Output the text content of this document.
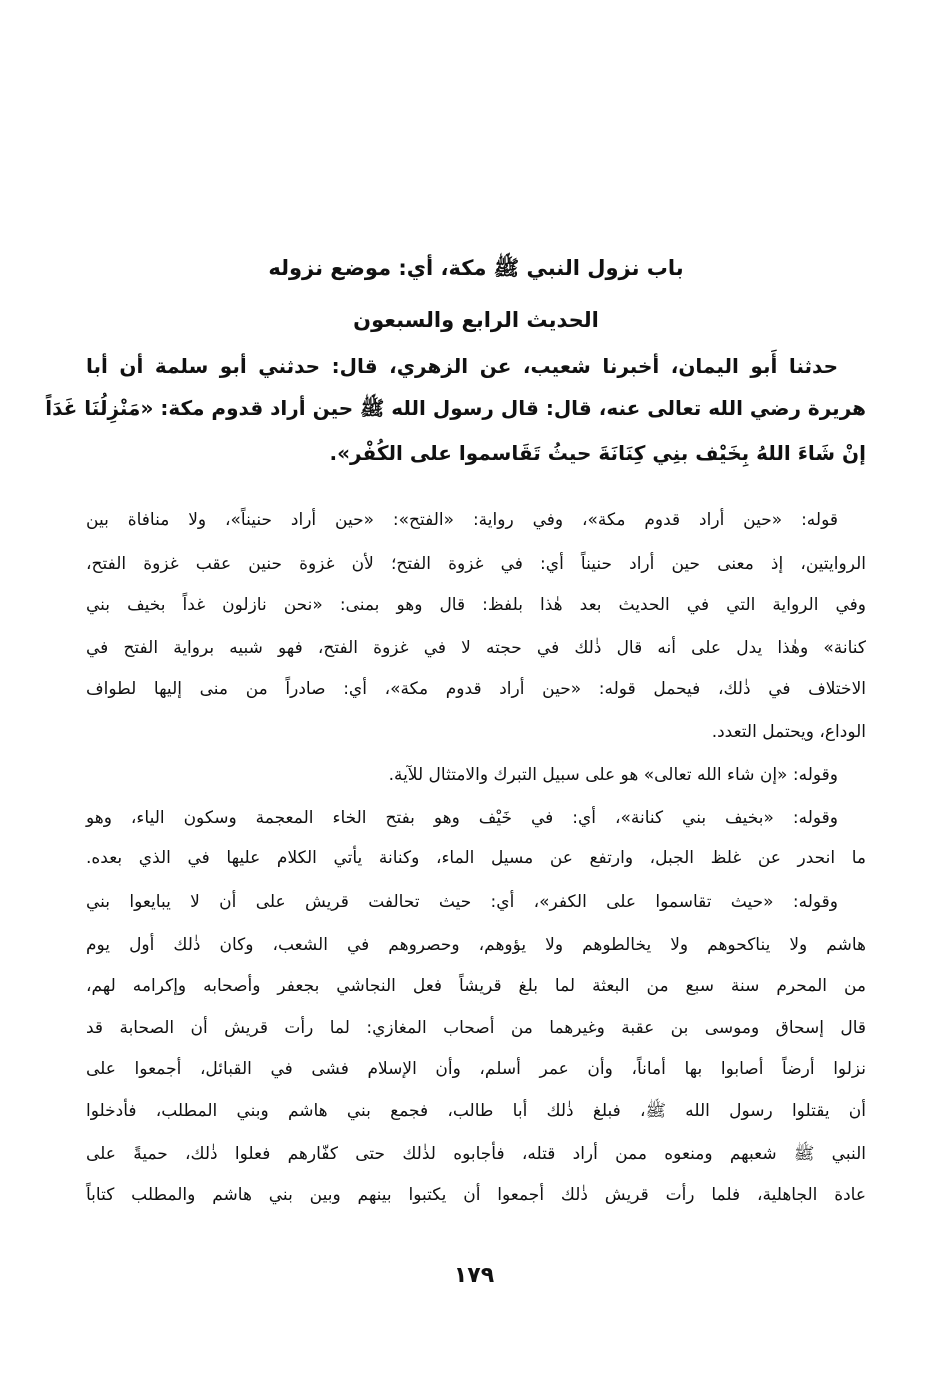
باب نزول النبي ﷺ مكة، أي: موضع نزوله
الحديث الرابع والسبعون
حدثنا أَبو اليمان، أخبرنا شعيب، عن الزهري، قال: حدثني أبو سلمة أن أبا
هريرة رضي الله تعالى عنه، قال: قال رسول الله ﷺ حين أراد قدوم مكة: «مَنْزِلُنَا غَدَاً
إنْ شَاءَ اللهُ بِخَيْف بنِي كِنَانَةَ حيثُ تَقَاسموا على الكُفْر».
قوله: «حين أراد قدوم مكة»، وفي رواية: «الفتح»: «حين أراد حنيناً»، ولا منافاة بين
الروايتين، إذ معنى حين أراد حنيناً أي: في غزوة الفتح؛ لأن غزوة حنين عقب غزوة الفتح،
وفي الرواية التي في الحديث بعد هٰذا بلفظ: قال وهو بمنى: «نحن نازلون غداً بخيف بني
كنانة» وهٰذا يدل على أنه قال ذٰلك في حجته لا في غزوة الفتح، فهو شبيه برواية الفتح في
الاختلاف في ذٰلك، فيحمل قوله: «حين أراد قدوم مكة»، أي: صادراً من منى إليها لطواف
الوداع، ويحتمل التعدد.
وقوله: «إن شاء الله تعالى» هو على سبيل التبرك والامتثال للآية.
وقوله: «بخيف بني كنانة»، أي: في خَيْف وهو بفتح الخاء المعجمة وسكون الياء، وهو
ما انحدر عن غلظ الجبل، وارتفع عن مسيل الماء، وكنانة يأتي الكلام عليها في الذي بعده.
وقوله: «حيث تقاسموا على الكفر»، أي: حيث تحالفت قريش على أن لا يبايعوا بني
هاشم ولا يناكحوهم ولا يخالطوهم ولا يؤوهم، وحصروهم في الشعب، وكان ذٰلك أول يوم
من المحرم سنة سبع من البعثة لما بلغ قريشاً فعل النجاشي بجعفر وأصحابه وإكرامه لهم،
قال إسحاق وموسى بن عقبة وغيرهما من أصحاب المغازي: لما رأت قريش أن الصحابة قد
نزلوا أرضاً أصابوا بها أماناً، وأن عمر أسلم، وأن الإسلام فشى في القبائل، أجمعوا على
أن يقتلوا رسول الله ﷺ، فبلغ ذٰلك أبا طالب، فجمع بني هاشم وبني المطلب، فأدخلوا
النبي ﷺ شعبهم ومنعوه ممن أراد قتله، فأجابوه لذٰلك حتى كفّارهم فعلوا ذٰلك، حميةً على
عادة الجاهلية، فلما رأت قريش ذٰلك أجمعوا أن يكتبوا بينهم وبين بني هاشم والمطلب كتاباً
١٧٩
